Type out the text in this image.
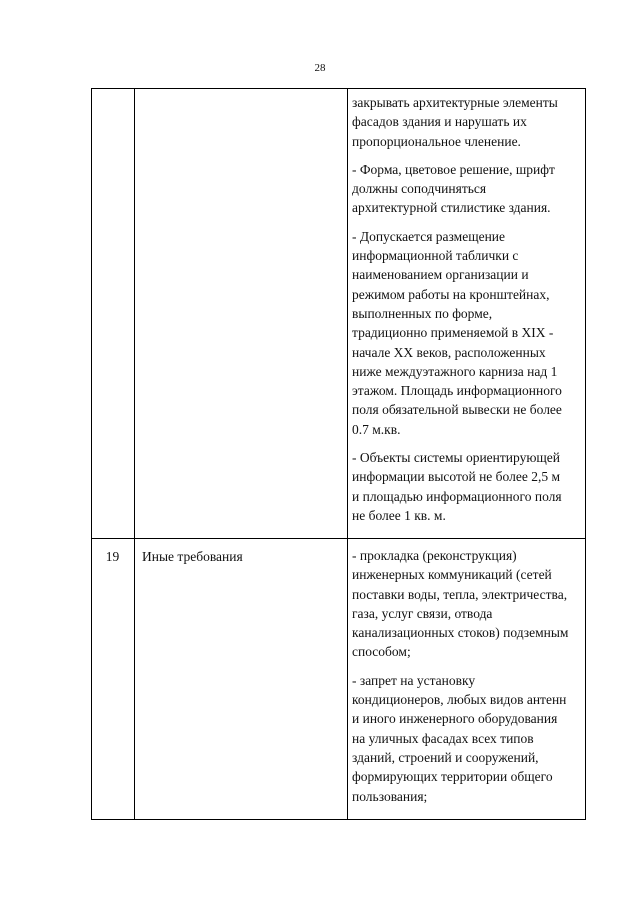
28
закрывать архитектурные элементы
фасадов здания и нарушать их
пропорциональное членение.
- Форма, цветовое решение, шрифт
должны соподчиняться
архитектурной стилистике здания.
- Допускается размещение
информационной таблички с
наименованием организации и
режимом работы на кронштейнах,
выполненных по форме,
традиционно применяемой в XIX -
начале XX веков, расположенных
ниже междуэтажного карниза над 1
этажом. Площадь информационного
поля обязательной вывески не более
0.7 м.кв.
- Объекты системы ориентирующей
информации высотой не более 2,5 м
и площадью информационного поля
не более 1 кв. м.
19	Иные требования	- прокладка (реконструкция)
инженерных коммуникаций (сетей
поставки воды, тепла, электричества,
газа, услуг связи, отвода
канализационных стоков) подземным
способом;
- запрет на установку
кондиционеров, любых видов антенн
и иного инженерного оборудования
на уличных фасадах всех типов
зданий, строений и сооружений,
формирующих территории общего
пользования;
